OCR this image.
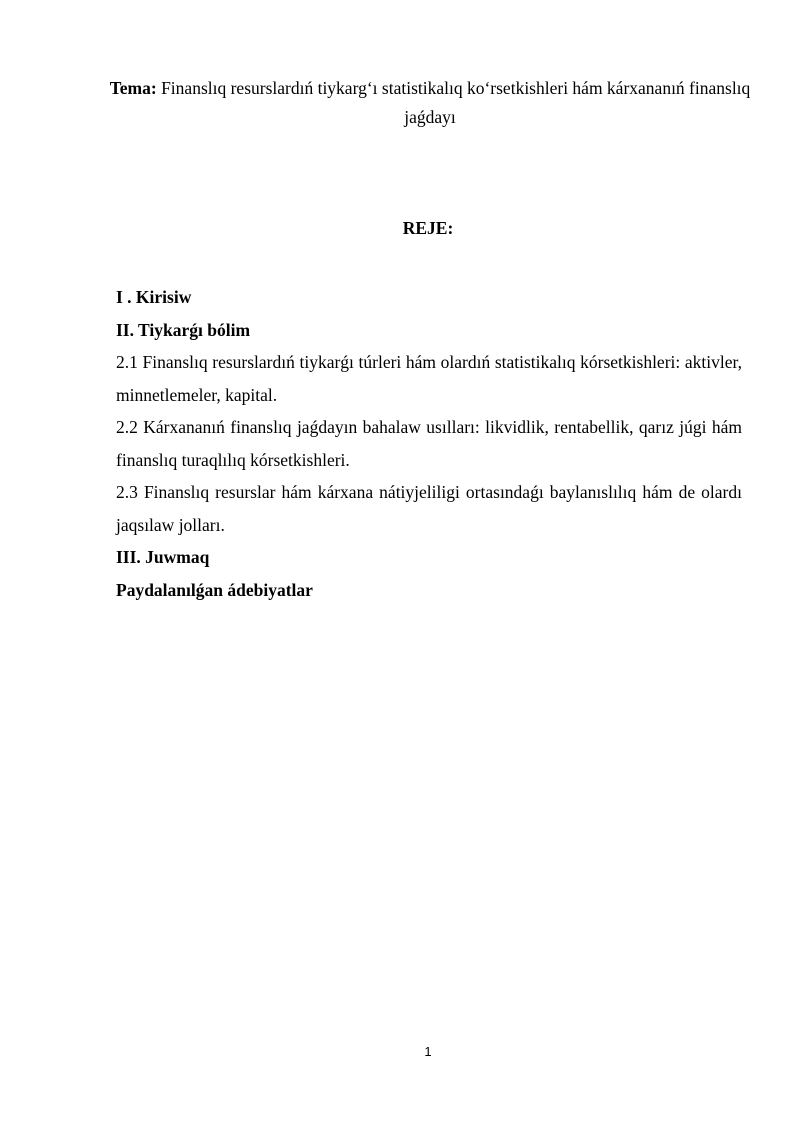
Tema: Finanslıq resurslardıń tiykarg‘ı statistikalıq ko‘rsetkishleri hám kárxananıń finanslıq jaǵdayı
REJE:

I . Kirisiw

II. Tiykarǵı bólim

2.1 Finanslıq resurslardıń tiykarǵı túrleri hám olardıń statistikalıq kórsetkishleri: aktivler, minnetlemeler, kapital.

2.2 Kárxananıń finanslıq jaǵdayın bahalaw usılları: likvidlik, rentabellik, qarız júgi hám finanslıq turaqlılıq kórsetkishleri.

2.3 Finanslıq resurslar hám kárxana nátiyjeliligi ortasındaǵı baylanıslılıq hám de olardı jaqsılaw jolları.

III. Juwmaq

Paydalanılǵan ádebiyatlar

1
